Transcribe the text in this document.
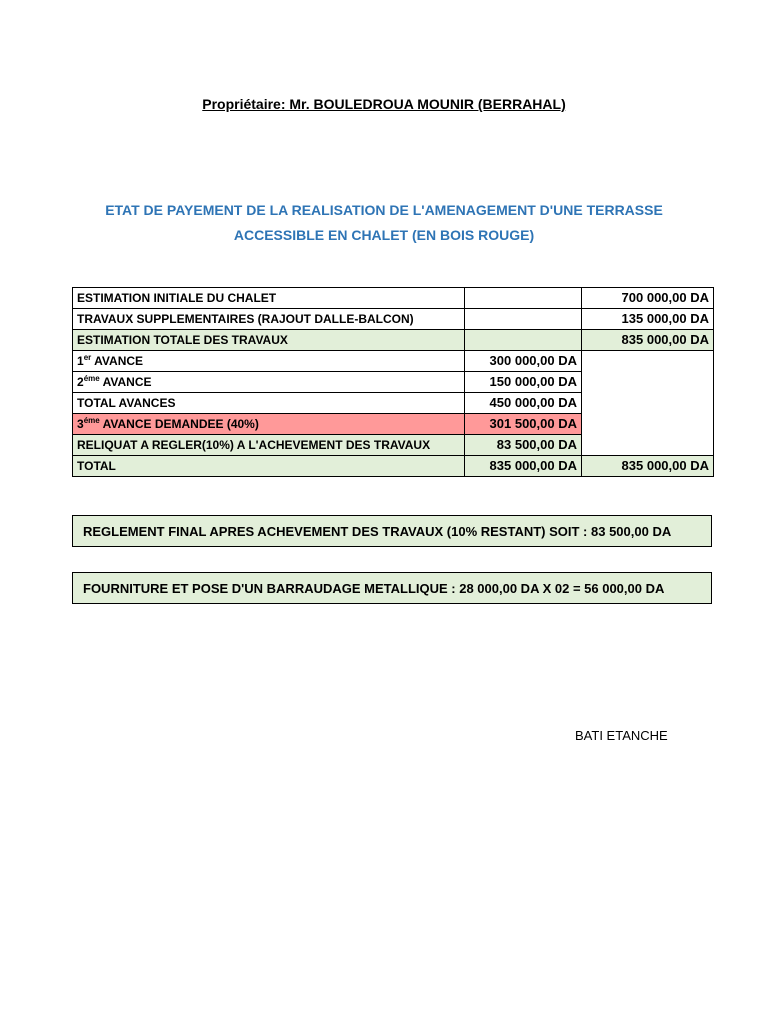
Propriétaire: Mr. BOULEDROUA MOUNIR (BERRAHAL)
ETAT DE PAYEMENT DE LA REALISATION DE L'AMENAGEMENT D'UNE TERRASSE
ACCESSIBLE EN CHALET (EN BOIS ROUGE)
ESTIMATION INITIALE DU CHALET		700 000,00 DA
TRAVAUX SUPPLEMENTAIRES (RAJOUT DALLE-BALCON)		135 000,00 DA
ESTIMATION TOTALE DES TRAVAUX		835 000,00 DA
1er AVANCE	300 000,00 DA	
$2^{éme}$ AVANCE	150 000,00 DA	
TOTAL AVANCES	450 000,00 DA	
$3^{éme}$ AVANCE DEMANDEE (40%)	301 500,00 DA	
RELIQUAT A REGLER(10%) A L'ACHEVEMENT DES TRAVAUX	83 500,00 DA	
TOTAL	835 000,00 DA	835 000,00 DA
REGLEMENT FINAL APRES ACHEVEMENT DES TRAVAUX (10% RESTANT) SOIT : 83 500,00 DA
FOURNITURE ET POSE D'UN BARRAUDAGE METALLIQUE : 28 000,00 DA X 02 = 56 000,00 DA
BATI ETANCHE
